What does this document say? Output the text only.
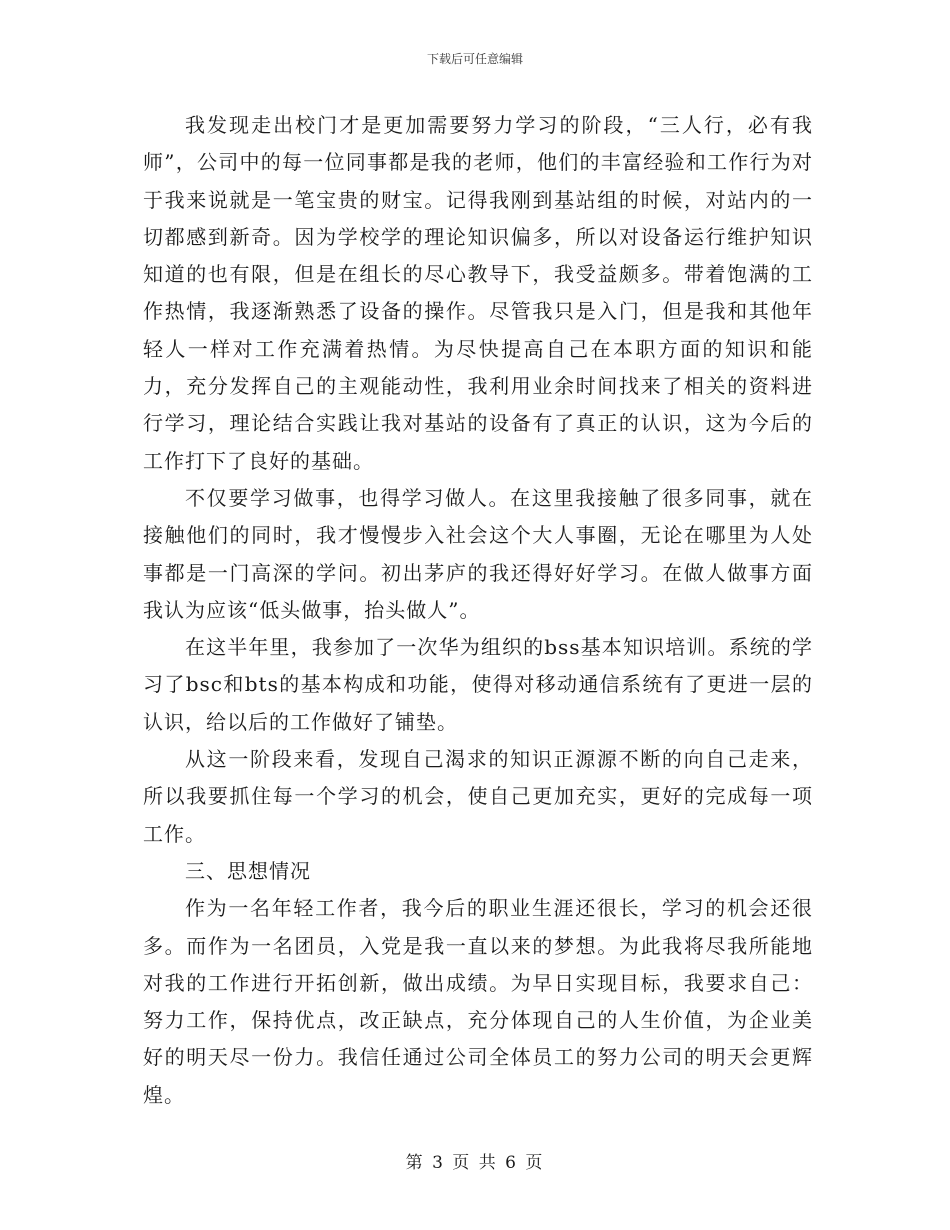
下载后可任意编辑

我发现走出校门才是更加需要努力学习的阶段，“三人行，必有我师”，公司中的每一位同事都是我的老师，他们的丰富经验和工作行为对于我来说就是一笔宝贵的财宝。记得我刚到基站组的时候，对站内的一切都感到新奇。因为学校学的理论知识偏多，所以对设备运行维护知识知道的也有限，但是在组长的尽心教导下，我受益颇多。带着饱满的工作热情，我逐渐熟悉了设备的操作。尽管我只是入门，但是我和其他年轻人一样对工作充满着热情。为尽快提高自己在本职方面的知识和能力，充分发挥自己的主观能动性，我利用业余时间找来了相关的资料进行学习，理论结合实践让我对基站的设备有了真正的认识，这为今后的工作打下了良好的基础。

不仅要学习做事，也得学习做人。在这里我接触了很多同事，就在接触他们的同时，我才慢慢步入社会这个大人事圈，无论在哪里为人处事都是一门高深的学问。初出茅庐的我还得好好学习。在做人做事方面我认为应该“低头做事，抬头做人”。

在这半年里，我参加了一次华为组织的bss基本知识培训。系统的学习了bsc和bts的基本构成和功能，使得对移动通信系统有了更进一层的认识，给以后的工作做好了铺垫。

从这一阶段来看，发现自己渴求的知识正源源不断的向自己走来，所以我要抓住每一个学习的机会，使自己更加充实，更好的完成每一项工作。

三、思想情况

作为一名年轻工作者，我今后的职业生涯还很长，学习的机会还很多。而作为一名团员，入党是我一直以来的梦想。为此我将尽我所能地对我的工作进行开拓创新，做出成绩。为早日实现目标，我要求自己：努力工作，保持优点，改正缺点，充分体现自己的人生价值，为企业美好的明天尽一份力。我信任通过公司全体员工的努力公司的明天会更辉煌。

第 3 页 共 6 页
